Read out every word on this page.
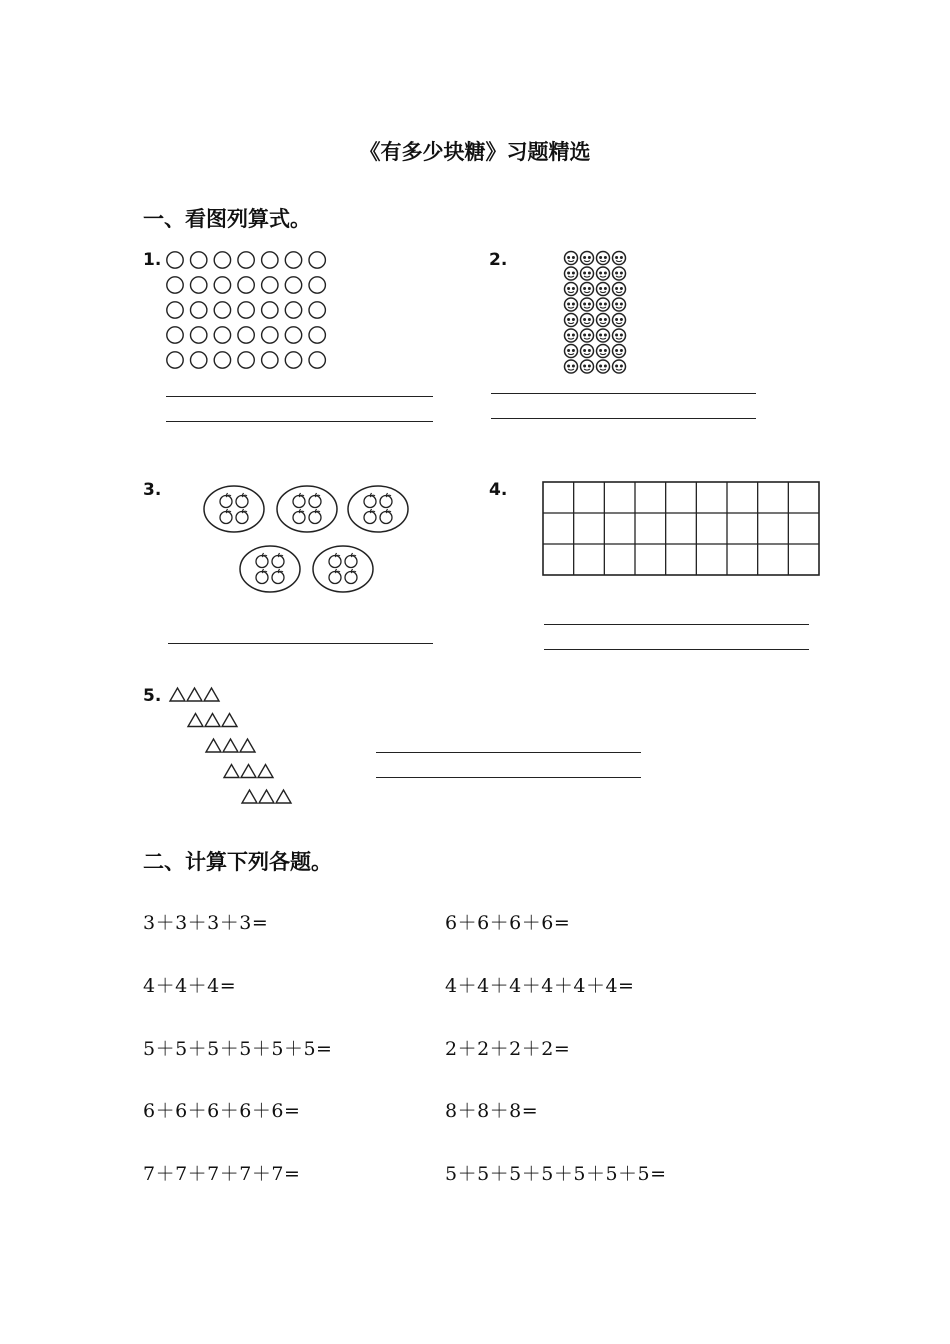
《有多少块糖》习题精选
一、看图列算式。
1.	2.
3.	4.
5.
二、计算下列各题。
3＋3＋3＋3=	6＋6＋6＋6=
4＋4＋4=	4＋4＋4＋4＋4＋4=
5＋5＋5＋5＋5＋5=	2＋2＋2＋2=
6＋6＋6＋6＋6=	8＋8＋8=
7＋7＋7＋7＋7=	5＋5＋5＋5＋5＋5＋5=
